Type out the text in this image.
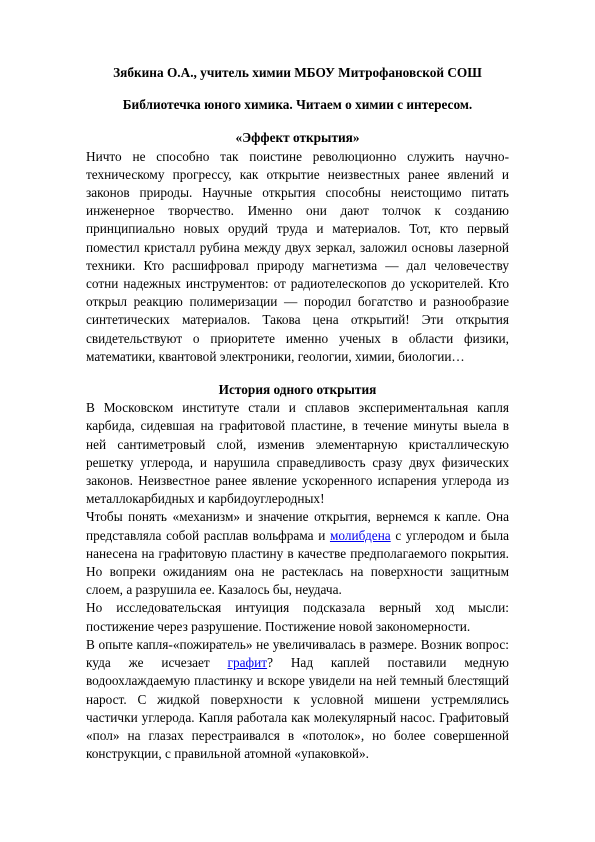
Зябкина О.А., учитель химии МБОУ Митрофановской СОШ

Библиотечка юного химика. Читаем о химии с интересом.

«Эффект открытия»

Ничто не способно так поистине революционно служить научно-техническому прогрессу, как открытие неизвестных ранее явлений и законов природы. Научные открытия способны неистощимо питать инженерное творчество. Именно они дают толчок к созданию принципиально новых орудий труда и материалов. Тот, кто первый поместил кристалл рубина между двух зеркал, заложил основы лазерной техники. Кто расшифровал природу магнетизма — дал человечеству сотни надежных инструментов: от радиотелескопов до ускорителей. Кто открыл реакцию полимеризации — породил богатство и разнообразие синтетических материалов. Такова цена открытий! Эти открытия свидетельствуют о приоритете именно ученых в области физики, математики, квантовой электроники, геологии, химии, биологии…

История одного открытия

В Московском институте стали и сплавов экспериментальная капля карбида, сидевшая на графитовой пластине, в течение минуты выела в ней сантиметровый слой, изменив элементарную кристаллическую решетку углерода, и нарушила справедливость сразу двух физических законов. Неизвестное ранее явление ускоренного испарения углерода из металлокарбидных и карбидоуглеродных!

Чтобы понять «механизм» и значение открытия, вернемся к капле. Она представляла собой расплав вольфрама и молибдена с углеродом и была нанесена на графитовую пластину в качестве предполагаемого покрытия. Но вопреки ожиданиям она не растеклась на поверхности защитным слоем, а разрушила ее. Казалось бы, неудача.

Но исследовательская интуиция подсказала верный ход мысли: постижение через разрушение. Постижение новой закономерности.

В опыте капля-«пожиратель» не увеличивалась в размере. Возник вопрос: куда же исчезает графит? Над каплей поставили медную водоохлаждаемую пластинку и вскоре увидели на ней темный блестящий нарост. С жидкой поверхности к условной мишени устремлялись частички углерода. Капля работала как молекулярный насос. Графитовый «пол» на глазах перестраивался в «потолок», но более совершенной конструкции, с правильной атомной «упаковкой».
